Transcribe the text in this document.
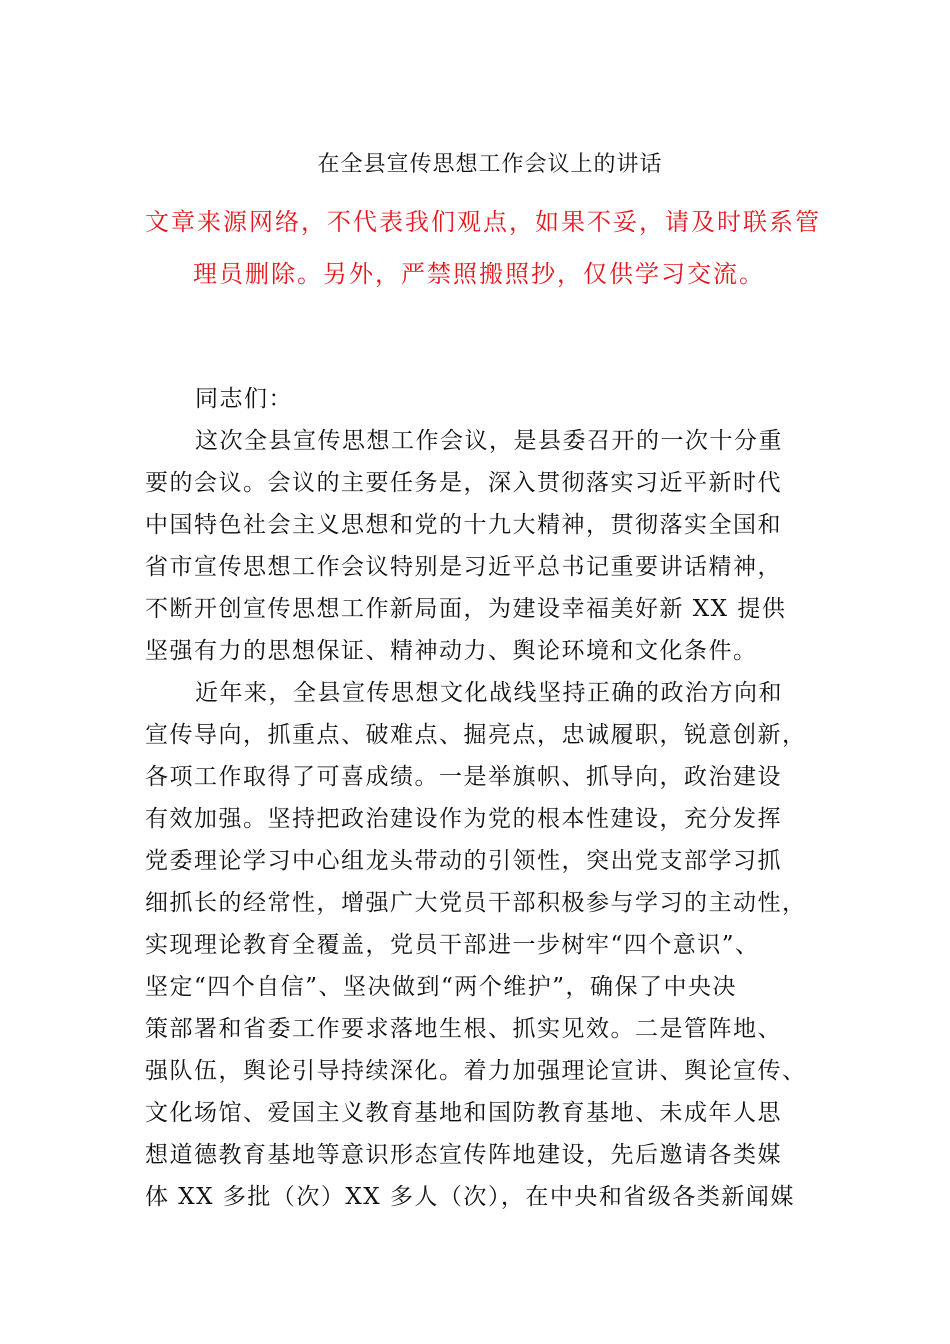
在全县宣传思想工作会议上的讲话
文章来源网络，不代表我们观点，如果不妥，请及时联系管
理员删除。另外，严禁照搬照抄，仅供学习交流。
同志们：
这次全县宣传思想工作会议，是县委召开的一次十分重
要的会议。会议的主要任务是，深入贯彻落实习近平新时代
中国特色社会主义思想和党的十九大精神，贯彻落实全国和
省市宣传思想工作会议特别是习近平总书记重要讲话精神，
不断开创宣传思想工作新局面，为建设幸福美好新 XX 提供
坚强有力的思想保证、精神动力、舆论环境和文化条件。
近年来，全县宣传思想文化战线坚持正确的政治方向和
宣传导向，抓重点、破难点、掘亮点，忠诚履职，锐意创新，
各项工作取得了可喜成绩。一是举旗帜、抓导向，政治建设
有效加强。坚持把政治建设作为党的根本性建设，充分发挥
党委理论学习中心组龙头带动的引领性，突出党支部学习抓
细抓长的经常性，增强广大党员干部积极参与学习的主动性，
实现理论教育全覆盖，党员干部进一步树牢“四个意识”、
坚定“四个自信”、坚决做到“两个维护”，确保了中央决
策部署和省委工作要求落地生根、抓实见效。二是管阵地、
强队伍，舆论引导持续深化。着力加强理论宣讲、舆论宣传、
文化场馆、爱国主义教育基地和国防教育基地、未成年人思
想道德教育基地等意识形态宣传阵地建设，先后邀请各类媒
体 XX 多批（次）XX 多人（次），在中央和省级各类新闻媒
